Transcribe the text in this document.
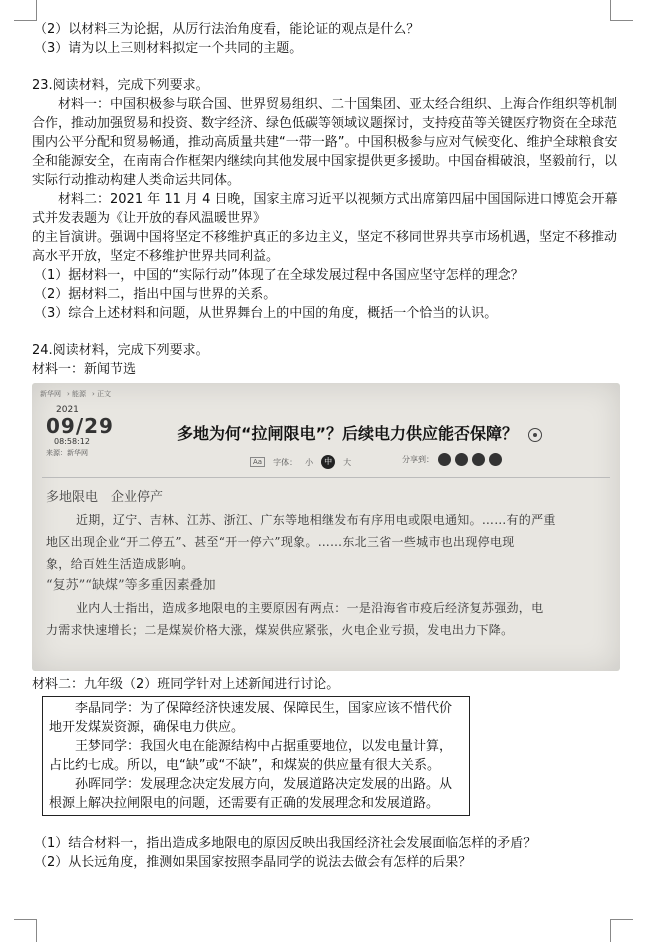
（2）以材料三为论据，从厉行法治角度看，能论证的观点是什么？
（3）请为以上三则材料拟定一个共同的主题。
23.阅读材料，完成下列要求。
材料一：中国积极参与联合国、世界贸易组织、二十国集团、亚太经合组织、上海合作组织等机制合作，推动加强贸易和投资、数字经济、绿色低碳等领域议题探讨，支持疫苗等关键医疗物资在全球范围内公平分配和贸易畅通，推动高质量共建“一带一路”。中国积极参与应对气候变化、维护全球粮食安全和能源安全，在南南合作框架内继续向其他发展中国家提供更多援助。中国奋楫破浪，坚毅前行，以实际行动推动构建人类命运共同体。
材料二：2021 年 11 月 4 日晚，国家主席习近平以视频方式出席第四届中国国际进口博览会开幕式并发表题为《让开放的春风温暖世界》
的主旨演讲。强调中国将坚定不移维护真正的多边主义，坚定不移同世界共享市场机遇，坚定不移推动高水平开放，坚定不移维护世界共同利益。
（1）据材料一，中国的“实际行动”体现了在全球发展过程中各国应坚守怎样的理念？
（2）据材料二，指出中国与世界的关系。
（3）综合上述材料和问题，从世界舞台上的中国的角度，概括一个恰当的认识。
24.阅读材料，完成下列要求。
材料一：新闻节选
新华网 › 能源 › 正文
2021
09/29
08:58:12
来源：新华网
多地为何“拉闸限电”？后续电力供应能否保障？
Aa	字体： 小	中	大	分享到：
多地限电　企业停产
近期，辽宁、吉林、江苏、浙江、广东等地相继发布有序用电或限电通知。……有的严重
地区出现企业“开二停五”、甚至“开一停六”现象。……东北三省一些城市也出现停电现
象，给百姓生活造成影响。
“复苏”“缺煤”等多重因素叠加
业内人士指出，造成多地限电的主要原因有两点：一是沿海省市疫后经济复苏强劲，电
力需求快速增长；二是煤炭价格大涨，煤炭供应紧张，火电企业亏损，发电出力下降。
材料二：九年级（2）班同学针对上述新闻进行讨论。
李晶同学：为了保障经济快速发展、保障民生，国家应该不惜代价地开发煤炭资源，确保电力供应。
王梦同学：我国火电在能源结构中占据重要地位，以发电量计算，占比约七成。所以，电“缺”或“不缺”，和煤炭的供应量有很大关系。
孙晖同学：发展理念决定发展方向，发展道路决定发展的出路。从根源上解决拉闸限电的问题，还需要有正确的发展理念和发展道路。
（1）结合材料一，指出造成多地限电的原因反映出我国经济社会发展面临怎样的矛盾？
（2）从长远角度，推测如果国家按照李晶同学的说法去做会有怎样的后果？
